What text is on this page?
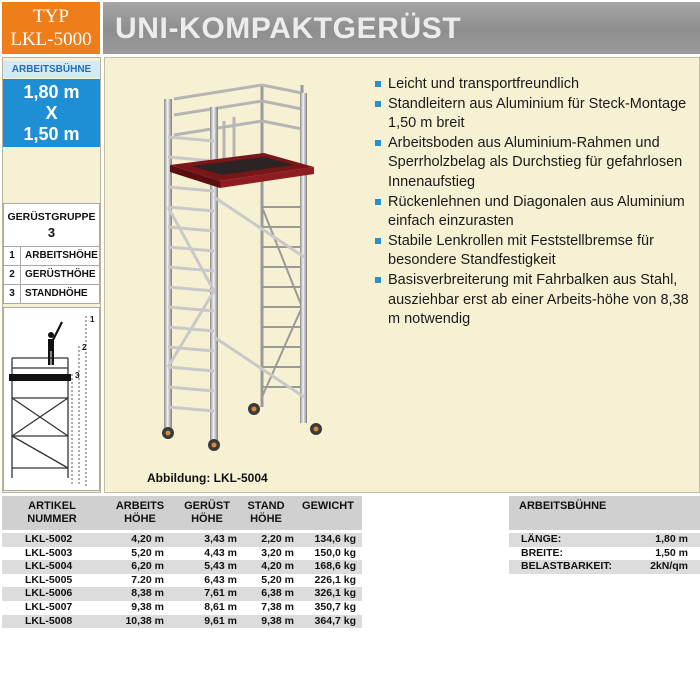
TYP
LKL-5000 UNI-KOMPAKTGERÜST
ARBEITSBÜHNE
1,80 m
X
1,50 m
GERÜSTGRUPPE
3
1 ARBEITSHÖHE
2 GERÜSTHÖHE
3 STANDHÖHE
1
2
3
Abbildung: LKL-5004
Leicht und transportfreundlich
Standleitern aus Aluminium für Steck-Montage 1,50 m breit
Arbeitsboden aus Aluminium-Rahmen und Sperrholzbelag als Durchstieg für gefahrlosen Innenaufstieg
Rückenlehnen und Diagonalen aus Aluminium einfach einzurasten
Stabile Lenkrollen mit Feststellbremse für besondere Standfestigkeit
Basisverbreiterung mit Fahrbalken aus Stahl, ausziehbar erst ab einer Arbeits-höhe von 8,38 m notwendig
ARTIKEL
NUMMER
ARBEITS
HÖHE
GERÜST
HÖHE
STAND
HÖHE
GEWICHT
LKL-5002	4,20 m	3,43 m	2,20 m	134,6 kg
LKL-5003	5,20 m	4,43 m	3,20 m	150,0 kg
LKL-5004	6,20 m	5,43 m	4,20 m	168,6 kg
LKL-5005	7.20 m	6,43 m	5,20 m	226,1 kg
LKL-5006	8,38 m	7,61 m	6,38 m	326,1 kg
LKL-5007	9,38 m	8,61 m	7,38 m	350,7 kg
LKL-5008	10,38 m	9,61 m	9,38 m	364,7 kg
ARBEITSBÜHNE
LÄNGE:	1,80 m
BREITE:	1,50 m
BELASTBARKEIT:	2kN/qm
